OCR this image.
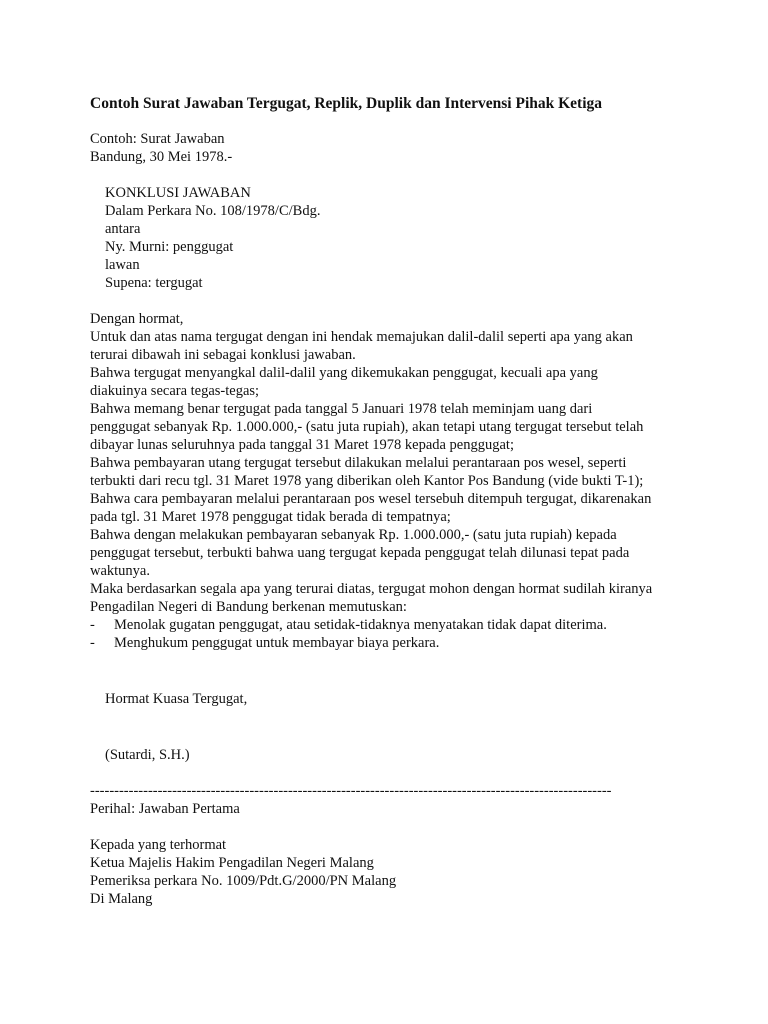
Contoh Surat Jawaban Tergugat, Replik, Duplik dan Intervensi Pihak Ketiga
Contoh: Surat Jawaban
Bandung, 30 Mei 1978.-
KONKLUSI JAWABAN
Dalam Perkara No. 108/1978/C/Bdg.
antara
Ny. Murni: penggugat
lawan
Supena: tergugat
Dengan hormat,
Untuk dan atas nama tergugat dengan ini hendak memajukan dalil-dalil seperti apa yang akan
terurai dibawah ini sebagai konklusi jawaban.
Bahwa tergugat menyangkal dalil-dalil yang dikemukakan penggugat, kecuali apa yang
diakuinya secara tegas-tegas;
Bahwa memang benar tergugat pada tanggal 5 Januari 1978 telah meminjam uang dari
penggugat sebanyak Rp. 1.000.000,- (satu juta rupiah), akan tetapi utang tergugat tersebut telah
dibayar lunas seluruhnya pada tanggal 31 Maret 1978 kepada penggugat;
Bahwa pembayaran utang tergugat tersebut dilakukan melalui perantaraan pos wesel, seperti
terbukti dari recu tgl. 31 Maret 1978 yang diberikan oleh Kantor Pos Bandung (vide bukti T-1);
Bahwa cara pembayaran melalui perantaraan pos wesel tersebuh ditempuh tergugat, dikarenakan
pada tgl. 31 Maret 1978 penggugat tidak berada di tempatnya;
Bahwa dengan melakukan pembayaran sebanyak Rp. 1.000.000,- (satu juta rupiah) kepada
penggugat tersebut, terbukti bahwa uang tergugat kepada penggugat telah dilunasi tepat pada
waktunya.
Maka berdasarkan segala apa yang terurai diatas, tergugat mohon dengan hormat sudilah kiranya
Pengadilan Negeri di Bandung berkenan memutuskan:
-	Menolak gugatan penggugat, atau setidak-tidaknya menyatakan tidak dapat diterima.
-	Menghukum penggugat untuk membayar biaya perkara.
Hormat Kuasa Tergugat,
(Sutardi, S.H.)
------------------------------------------------------------------------------------------------------------
Perihal: Jawaban Pertama
Kepada yang terhormat
Ketua Majelis Hakim Pengadilan Negeri Malang
Pemeriksa perkara No. 1009/Pdt.G/2000/PN Malang
Di Malang
